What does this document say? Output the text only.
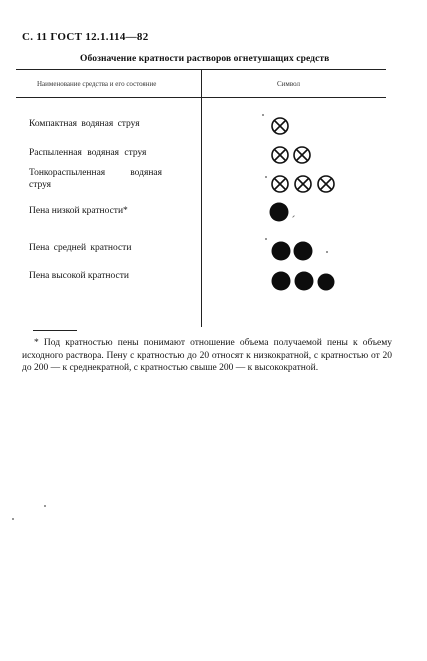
С. 11 ГОСТ 12.1.114—82
Обозначение кратности растворов огнетушащих средств
Наименование средства и его состояние	Символ
Компактная водяная струя
Распыленная водяная струя
Тонкораспыленная водяная струя
Пена низкой кратности*
Пена средней кратности
Пена высокой кратности
* Под кратностью пены понимают отношение объема получаемой пены к объему исходного раствора. Пену с кратностью до 20 относят к низкократной, с кратностью от 20 до 200 — к среднекратной, с кратностью свыше 200 — к высокократной.
